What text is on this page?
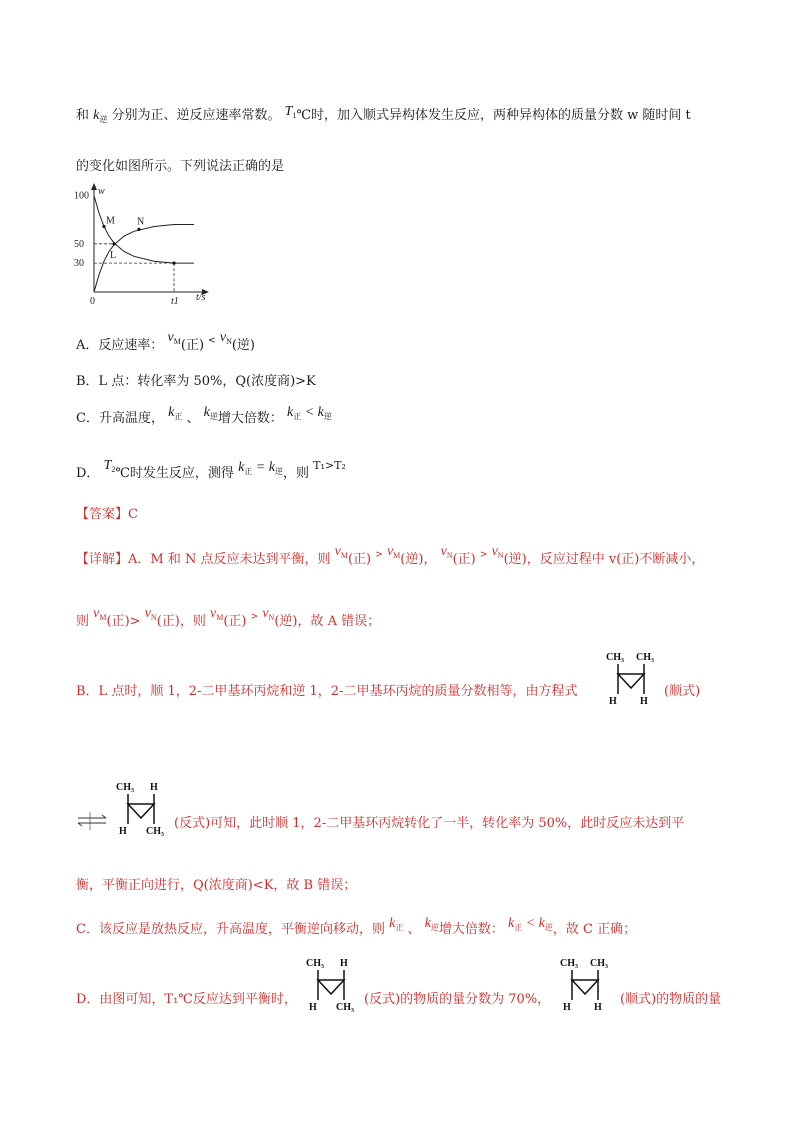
和 $k_逆$ 分别为正、逆反应速率常数。 $T_1℃$时，加入顺式异构体发生反应，两种异构体的质量分数 w 随时间 t
的变化如图所示。下列说法正确的是
w
t/s
100
50
30
0	t1
M N
L
A．反应速率： $v_M$(正) < $v_N$(逆)
B．L 点：转化率为 50%，Q(浓度商)>K
C．升高温度， $k_正$ 、 $k_逆$增大倍数： $k_正 < k_逆$
D． $T_2℃$时发生反应，测得 $k_正 = k_逆$，则 $^{T_1>T_2}$
【答案】C
【详解】A．M 和 N 点反应未达到平衡，则 $v_M$(正) > $v_M$(逆)， $v_N$(正) > $v_N$(逆)，反应过程中 v(正)不断减小，
则 $v_M$(正)> $v_N$(正)，则 $v_M$(正) > $v_N$(逆)，故 A 错误；
B．L 点时，顺 1，2-二甲基环丙烷和逆 1，2-二甲基环丙烷的质量分数相等，由方程式
CH₃ CH₃
H H
(顺式)
CH₃ H
H CH₃
(反式)可知，此时顺 1，2-二甲基环丙烷转化了一半，转化率为 50%，此时反应未达到平
衡，平衡正向进行，Q(浓度商)<K，故 B 错误；
C．该反应是放热反应，升高温度，平衡逆向移动，则 $k_正$ 、 $k_逆$增大倍数： $k_正 < k_逆$，故 C 正确；
D．由图可知，T₁℃反应达到平衡时，
CH₃ H
H CH₃
(反式)的物质的量分数为 70%，
CH₃ CH₃
H H
(顺式)的物质的量
